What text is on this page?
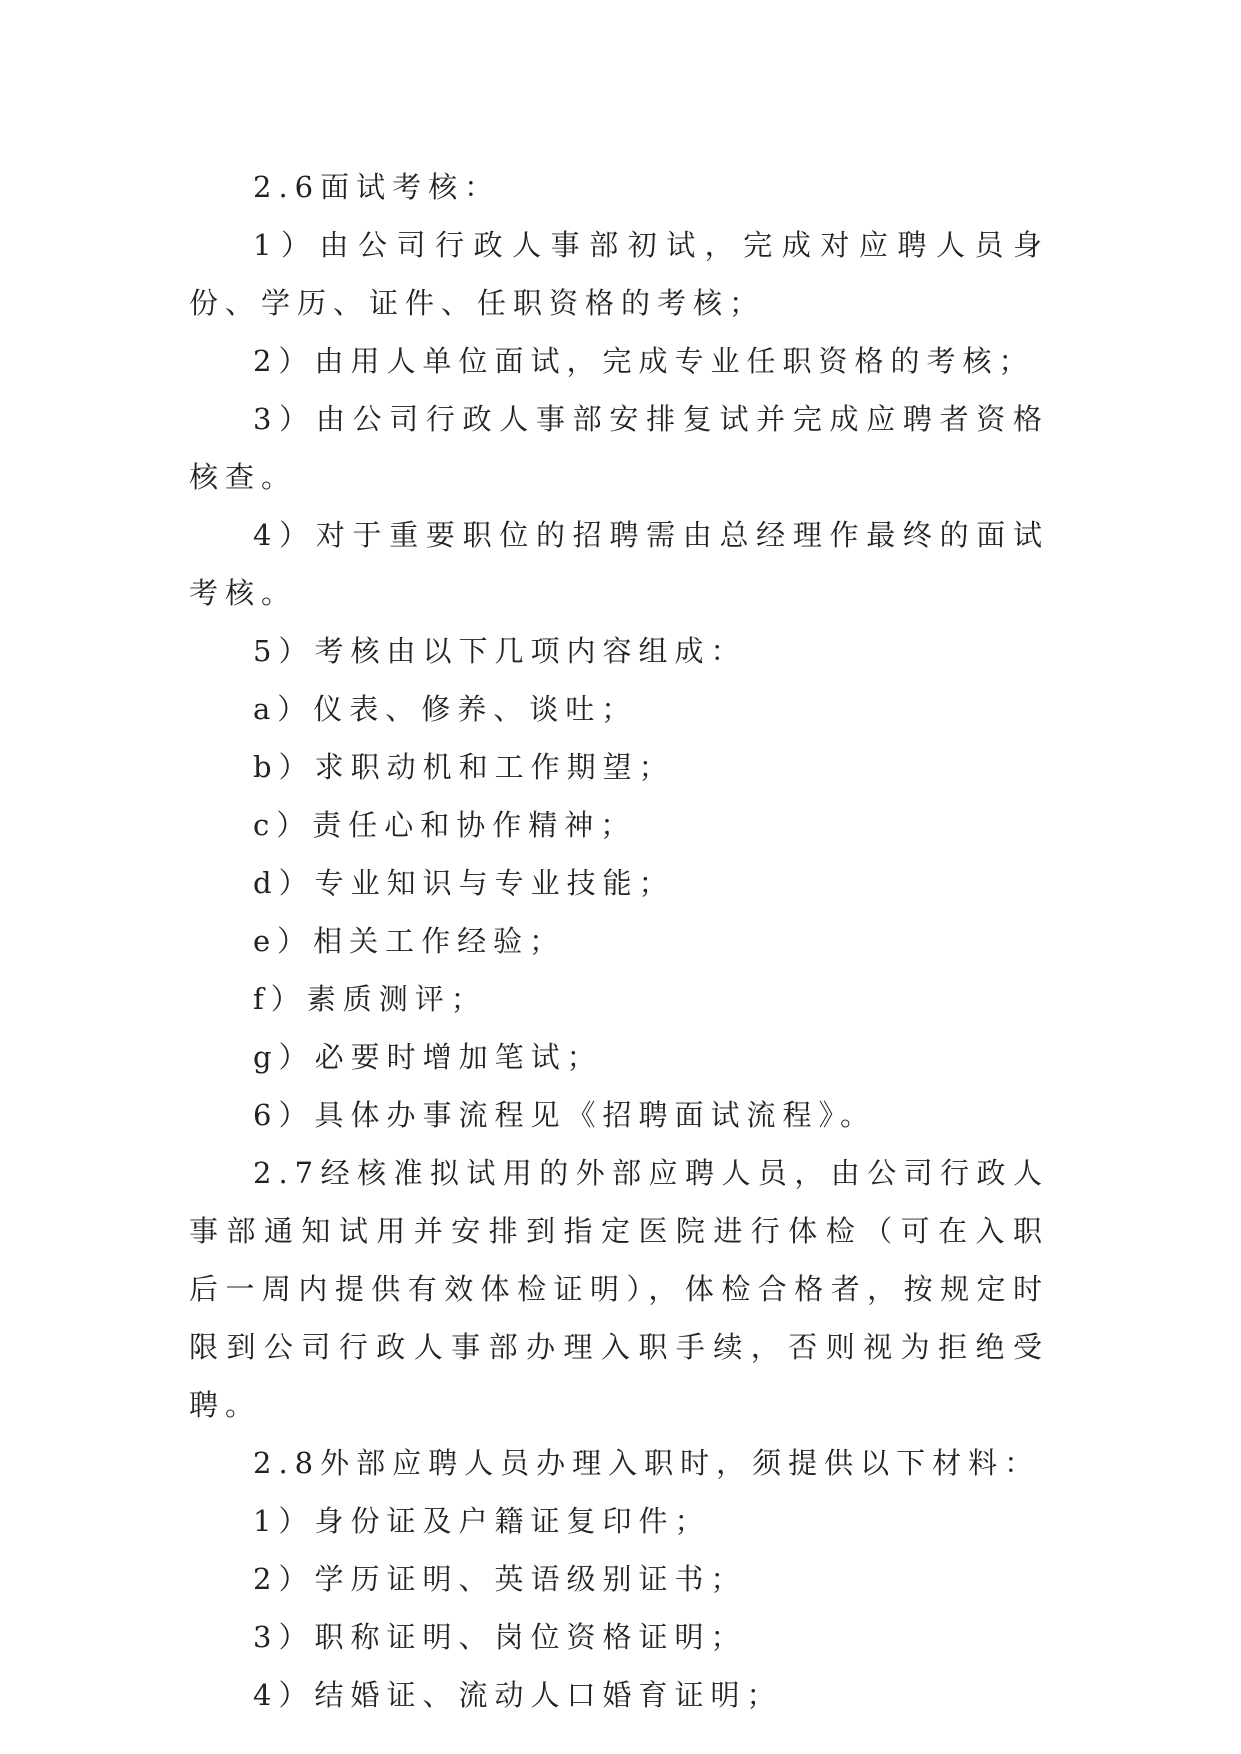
2.6面试考核：

1）由公司行政人事部初试，完成对应聘人员身份、学历、证件、任职资格的考核；

2）由用人单位面试，完成专业任职资格的考核；

3）由公司行政人事部安排复试并完成应聘者资格核查。

4）对于重要职位的招聘需由总经理作最终的面试考核。

5）考核由以下几项内容组成：

a）仪表、修养、谈吐；

b）求职动机和工作期望；

c）责任心和协作精神；

d）专业知识与专业技能；

e）相关工作经验；

f）素质测评；

g）必要时增加笔试；

6）具体办事流程见《招聘面试流程》。

2.7经核准拟试用的外部应聘人员，由公司行政人事部通知试用并安排到指定医院进行体检（可在入职后一周内提供有效体检证明），体检合格者，按规定时限到公司行政人事部办理入职手续，否则视为拒绝受聘。

2.8外部应聘人员办理入职时，须提供以下材料：

1）身份证及户籍证复印件；

2）学历证明、英语级别证书；

3）职称证明、岗位资格证明；

4）结婚证、流动人口婚育证明；
